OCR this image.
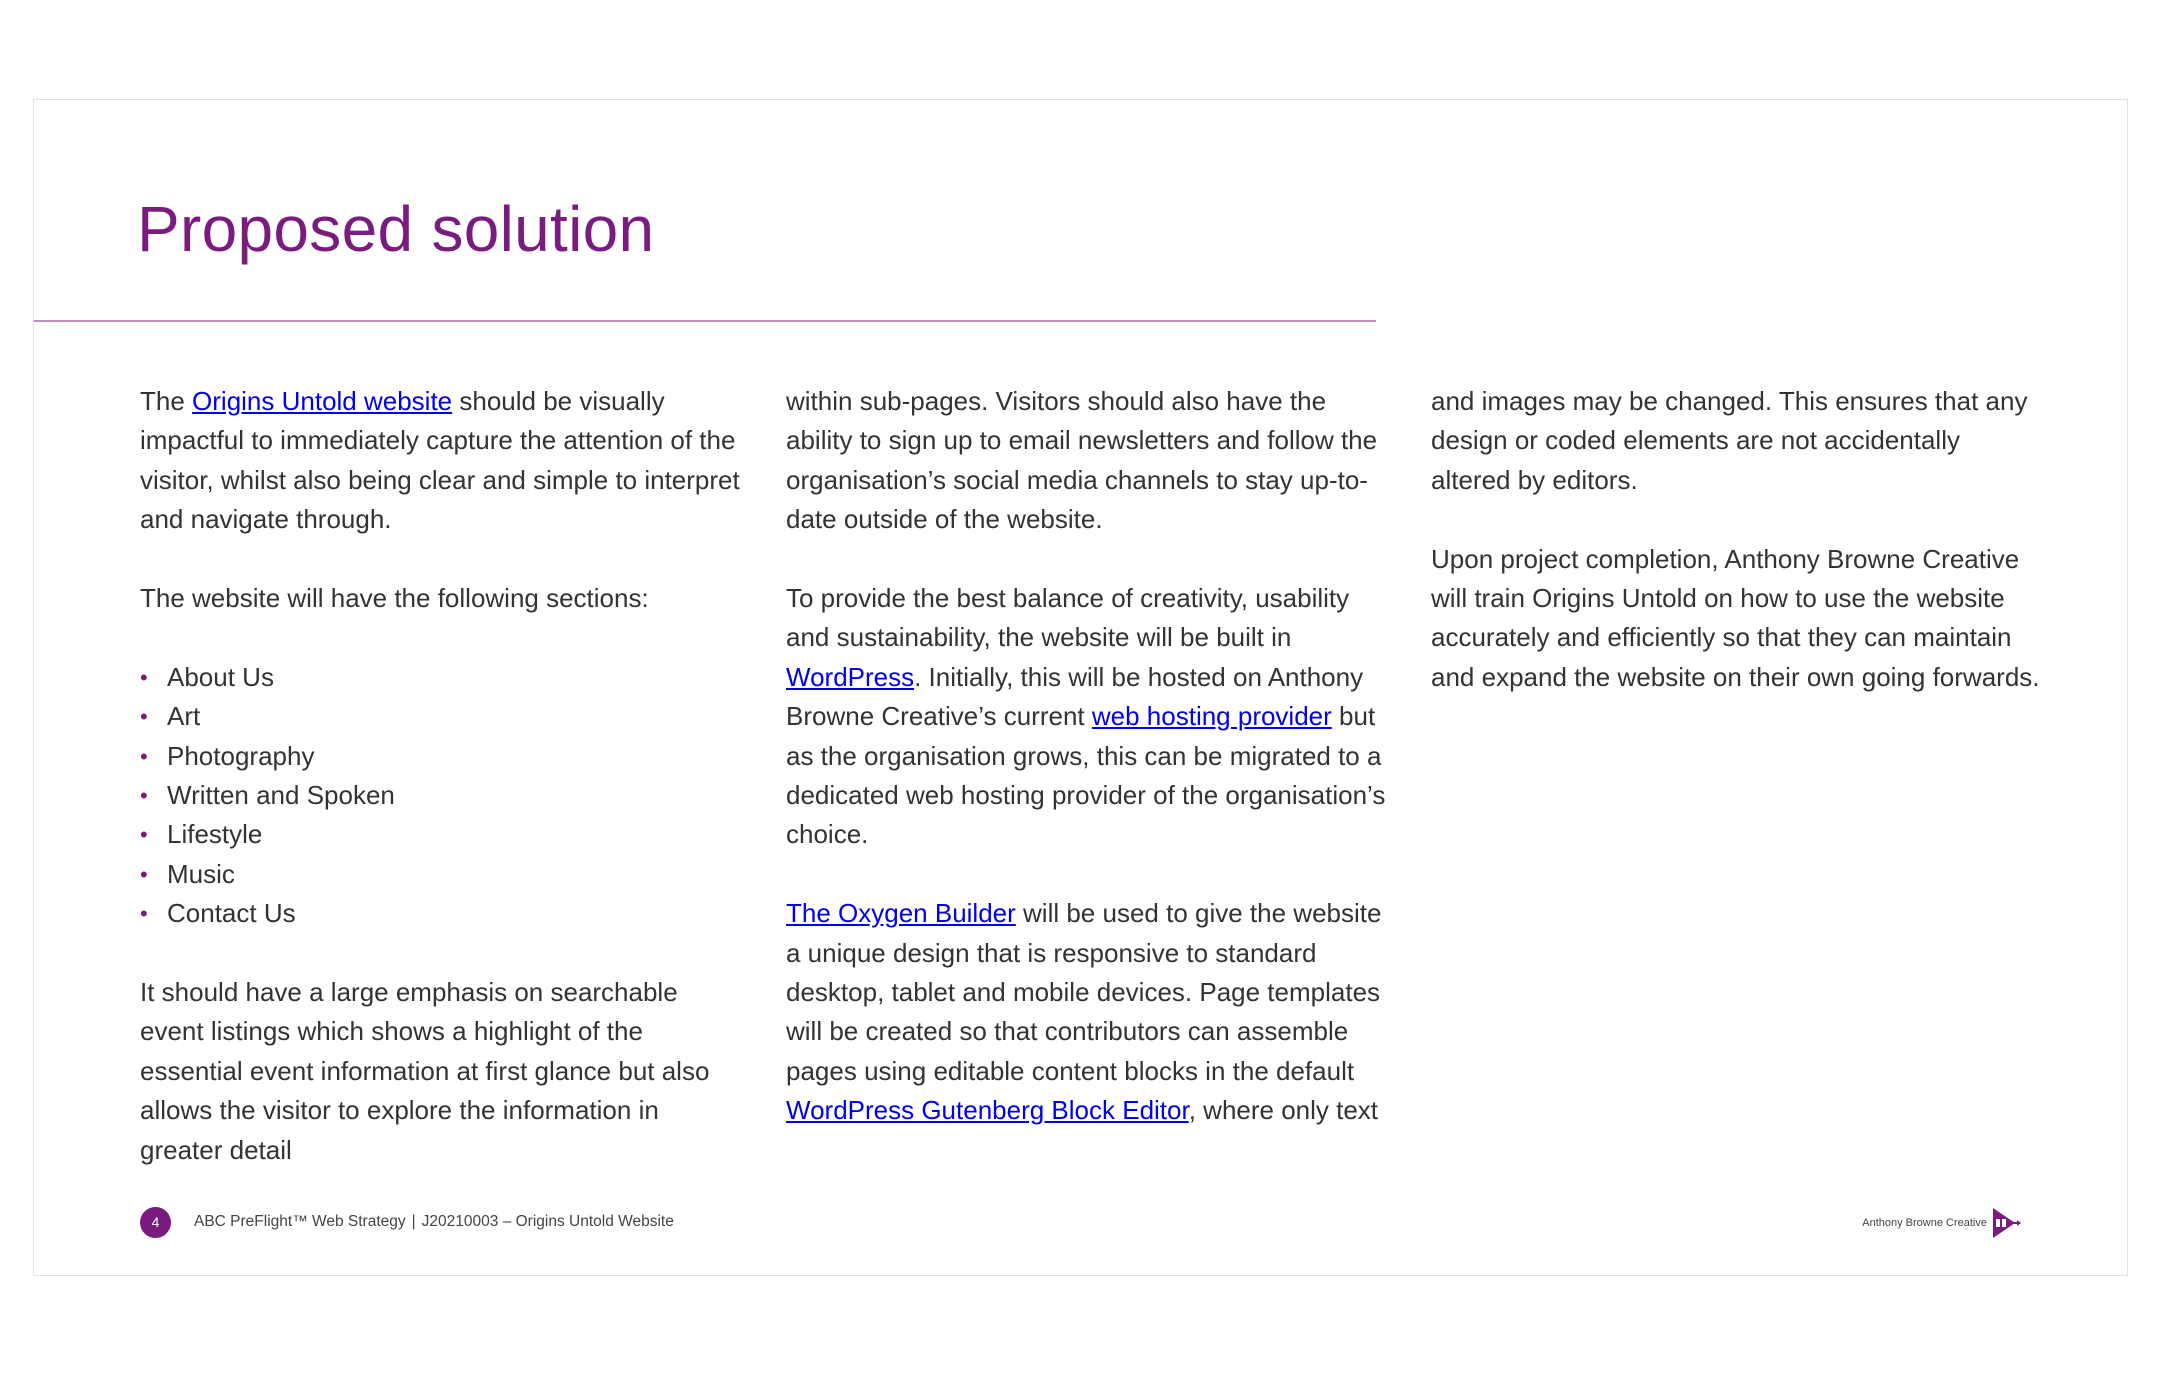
Proposed solution

The Origins Untold website should be visually impactful to immediately capture the attention of the visitor, whilst also being clear and simple to interpret and navigate through.

The website will have the following sections:

• About Us
• Art
• Photography
• Written and Spoken
• Lifestyle
• Music
• Contact Us

It should have a large emphasis on searchable event listings which shows a highlight of the essential event information at first glance but also allows the visitor to explore the information in greater detail

within sub-pages. Visitors should also have the ability to sign up to email newsletters and follow the organisation’s social media channels to stay up-to-date outside of the website.

To provide the best balance of creativity, usability and sustainability, the website will be built in WordPress. Initially, this will be hosted on Anthony Browne Creative’s current web hosting provider but as the organisation grows, this can be migrated to a dedicated web hosting provider of the organisation’s choice.

The Oxygen Builder will be used to give the website a unique design that is responsive to standard desktop, tablet and mobile devices. Page templates will be created so that contributors can assemble pages using editable content blocks in the default WordPress Gutenberg Block Editor, where only text

and images may be changed. This ensures that any design or coded elements are not accidentally altered by editors.

Upon project completion, Anthony Browne Creative will train Origins Untold on how to use the website accurately and efficiently so that they can maintain and expand the website on their own going forwards.

4	ABC PreFlight™ Web Strategy | J20210003 – Origins Untold Website	Anthony Browne Creative
